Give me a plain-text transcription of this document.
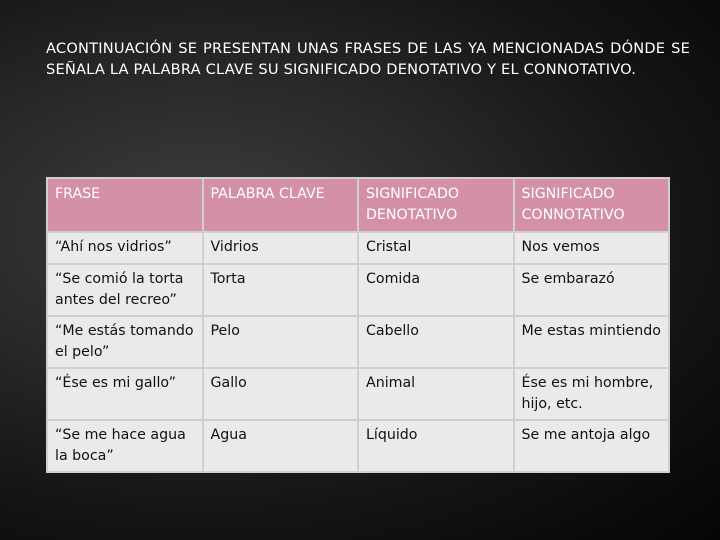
ACONTINUACIÓN SE PRESENTAN UNAS FRASES DE LAS YA MENCIONADAS DÓNDE SE SEÑALA LA PALABRA CLAVE SU SIGNIFICADO DENOTATIVO Y EL CONNOTATIVO.

FRASE	PALABRA CLAVE	SIGNIFICADO DENOTATIVO	SIGNIFICADO CONNOTATIVO
“Ahí nos vidrios”	Vidrios	Cristal	Nos vemos
“Se comió la torta antes del recreo”	Torta	Comida	Se embarazó
“Me estás tomando el pelo”	Pelo	Cabello	Me estas mintiendo
“Ése es mi gallo”	Gallo	Animal	Ése es mi hombre, hijo, etc.
“Se me hace agua la boca”	Agua	Líquido	Se me antoja algo
